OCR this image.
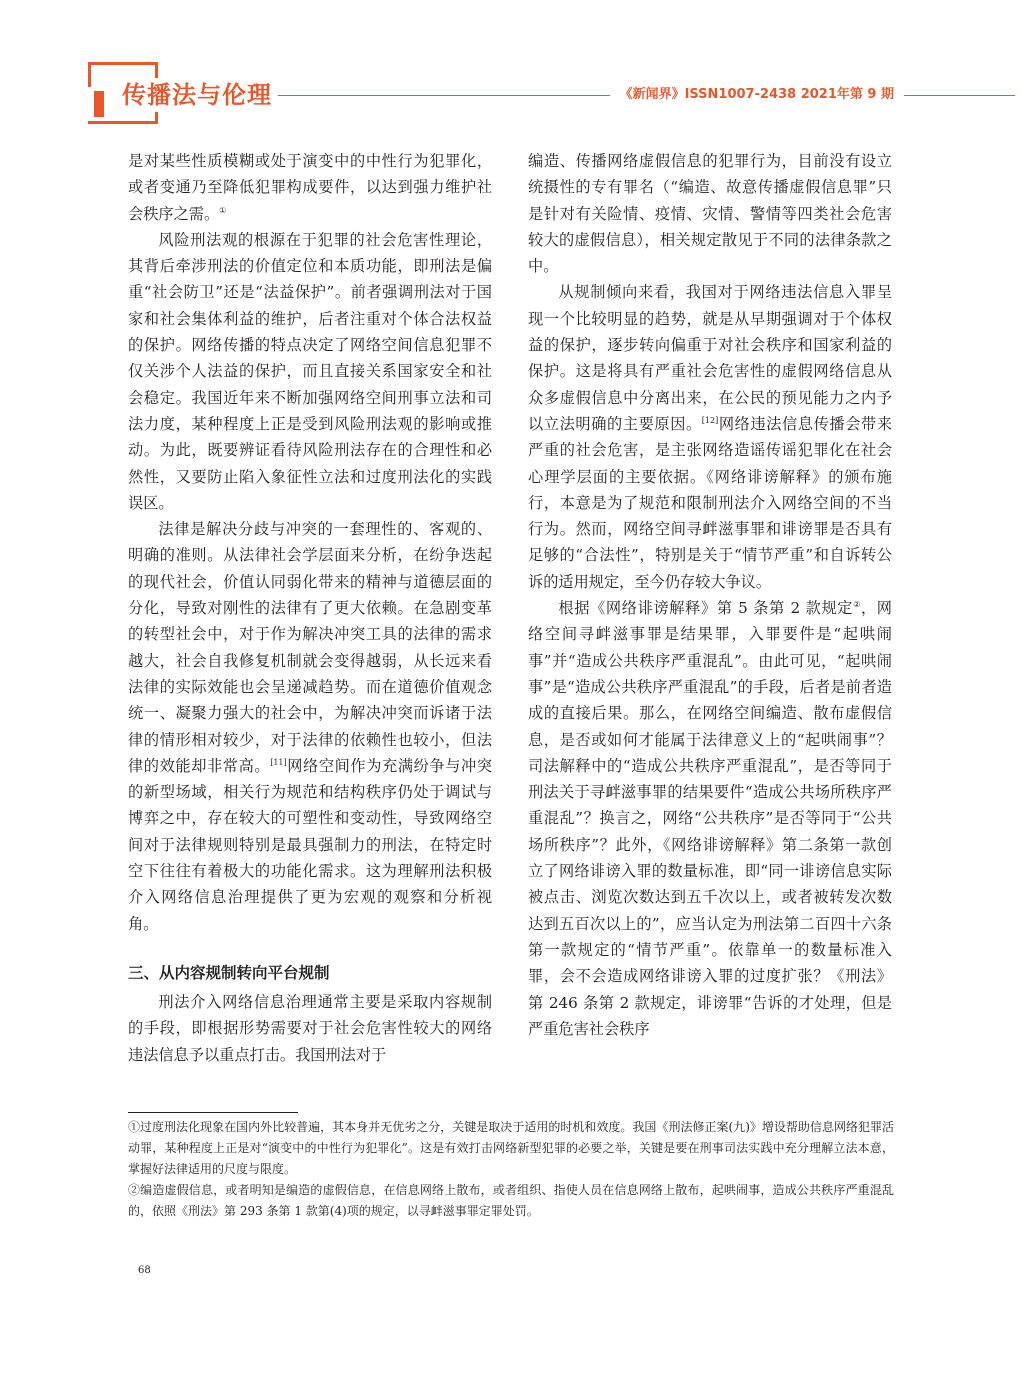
传播法与伦理	《新闻界》ISSN1007-2438 2021年第 9 期

是对某些性质模糊或处于演变中的中性行为犯罪化，或者变通乃至降低犯罪构成要件，以达到强力维护社会秩序之需。①

风险刑法观的根源在于犯罪的社会危害性理论，其背后牵涉刑法的价值定位和本质功能，即刑法是偏重“社会防卫”还是“法益保护”。前者强调刑法对于国家和社会集体利益的维护，后者注重对个体合法权益的保护。网络传播的特点决定了网络空间信息犯罪不仅关涉个人法益的保护，而且直接关系国家安全和社会稳定。我国近年来不断加强网络空间刑事立法和司法力度，某种程度上正是受到风险刑法观的影响或推动。为此，既要辨证看待风险刑法存在的合理性和必然性，又要防止陷入象征性立法和过度刑法化的实践误区。

法律是解决分歧与冲突的一套理性的、客观的、明确的准则。从法律社会学层面来分析，在纷争迭起的现代社会，价值认同弱化带来的精神与道德层面的分化，导致对刚性的法律有了更大依赖。在急剧变革的转型社会中，对于作为解决冲突工具的法律的需求越大，社会自我修复机制就会变得越弱，从长远来看法律的实际效能也会呈递减趋势。而在道德价值观念统一、凝聚力强大的社会中，为解决冲突而诉诸于法律的情形相对较少，对于法律的依赖性也较小，但法律的效能却非常高。[11]网络空间作为充满纷争与冲突的新型场域，相关行为规范和结构秩序仍处于调试与博弈之中，存在较大的可塑性和变动性，导致网络空间对于法律规则特别是最具强制力的刑法，在特定时空下往往有着极大的功能化需求。这为理解刑法积极介入网络信息治理提供了更为宏观的观察和分析视角。

三、从内容规制转向平台规制

刑法介入网络信息治理通常主要是采取内容规制的手段，即根据形势需要对于社会危害性较大的网络违法信息予以重点打击。我国刑法对于

编造、传播网络虚假信息的犯罪行为，目前没有设立统摄性的专有罪名（“编造、故意传播虚假信息罪”只是针对有关险情、疫情、灾情、警情等四类社会危害较大的虚假信息），相关规定散见于不同的法律条款之中。

从规制倾向来看，我国对于网络违法信息入罪呈现一个比较明显的趋势，就是从早期强调对于个体权益的保护，逐步转向偏重于对社会秩序和国家利益的保护。这是将具有严重社会危害性的虚假网络信息从众多虚假信息中分离出来，在公民的预见能力之内予以立法明确的主要原因。[12]网络违法信息传播会带来严重的社会危害，是主张网络造谣传谣犯罪化在社会心理学层面的主要依据。《网络诽谤解释》的颁布施行，本意是为了规范和限制刑法介入网络空间的不当行为。然而，网络空间寻衅滋事罪和诽谤罪是否具有足够的“合法性”，特别是关于“情节严重”和自诉转公诉的适用规定，至今仍存较大争议。

根据《网络诽谤解释》第 5 条第 2 款规定②，网络空间寻衅滋事罪是结果罪，入罪要件是“起哄闹事”并“造成公共秩序严重混乱”。由此可见，“起哄闹事”是“造成公共秩序严重混乱”的手段，后者是前者造成的直接后果。那么，在网络空间编造、散布虚假信息，是否或如何才能属于法律意义上的“起哄闹事”？司法解释中的“造成公共秩序严重混乱”，是否等同于刑法关于寻衅滋事罪的结果要件“造成公共场所秩序严重混乱”？换言之，网络“公共秩序”是否等同于“公共场所秩序”？此外，《网络诽谤解释》第二条第一款创立了网络诽谤入罪的数量标准，即“同一诽谤信息实际被点击、浏览次数达到五千次以上，或者被转发次数达到五百次以上的”，应当认定为刑法第二百四十六条第一款规定的“情节严重”。依靠单一的数量标准入罪，会不会造成网络诽谤入罪的过度扩张？《刑法》第 246 条第 2 款规定，诽谤罪“告诉的才处理，但是严重危害社会秩序

①过度刑法化现象在国内外比较普遍，其本身并无优劣之分，关键是取决于适用的时机和效度。我国《刑法修正案(九)》增设帮助信息网络犯罪活动罪，某种程度上正是对“演变中的中性行为犯罪化”。这是有效打击网络新型犯罪的必要之举，关键是要在刑事司法实践中充分理解立法本意，掌握好法律适用的尺度与限度。

②编造虚假信息，或者明知是编造的虚假信息，在信息网络上散布，或者组织、指使人员在信息网络上散布，起哄闹事，造成公共秩序严重混乱的，依照《刑法》第 293 条第 1 款第(4)项的规定，以寻衅滋事罪定罪处罚。

68
